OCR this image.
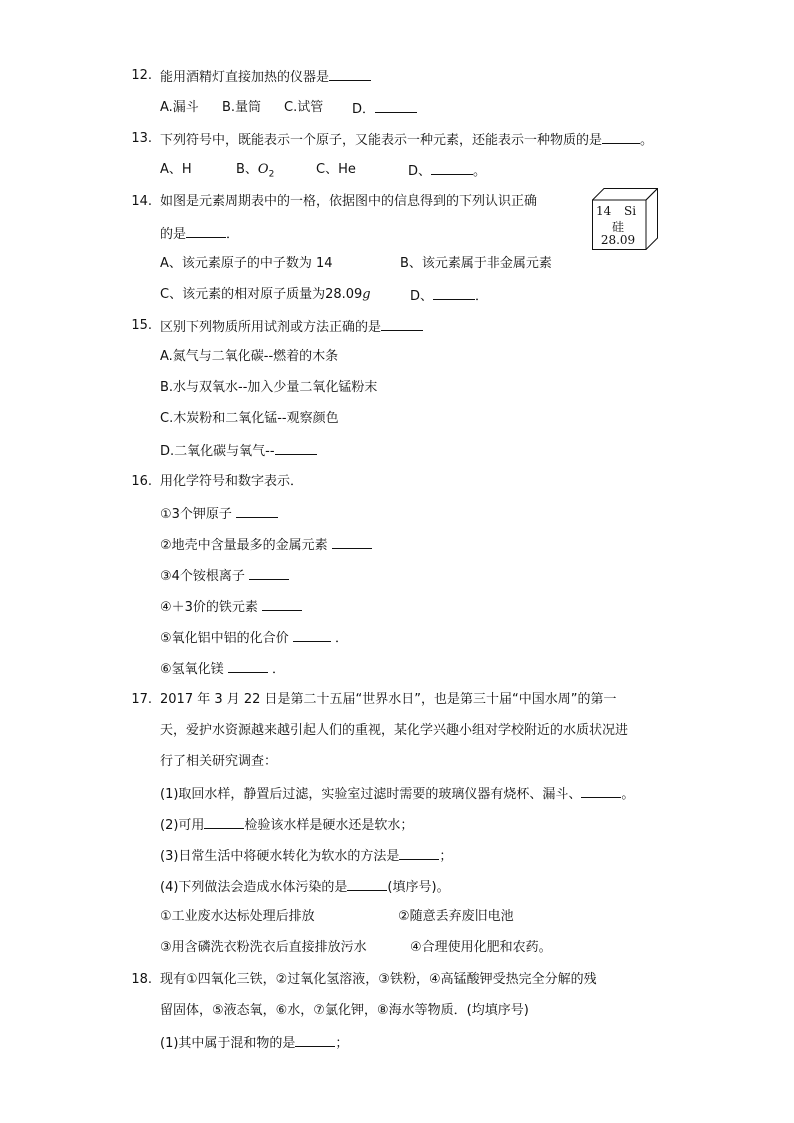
12. 能用酒精灯直接加热的仪器是
A.漏斗 B.量筒 C.试管 D．
13. 下列符号中，既能表示一个原子，又能表示一种元素，还能表示一种物质的是	。
A、H	B、$O_2$	C、He	D、	。
14. 如图是元素周期表中的一格，依据图中的信息得到的下列认识正确
的是	．
14 Si
硅
28.09
A、该元素原子的中子数为 14	B、该元素属于非金属元素
C、该元素的相对原子质量为28.09g	D、	．
15. 区别下列物质所用试剂或方法正确的是
A.氮气与二氧化碳--燃着的木条
B.水与双氧水--加入少量二氧化锰粉末
C.木炭粉和二氧化锰--观察颜色
D.二氧化碳与氧气--
16. 用化学符号和数字表示．
①3个钾原子
②地壳中含量最多的金属元素
③4个铵根离子
④＋3价的铁元素
⑤氧化铝中铝的化合价	．
⑥氢氧化镁	．
17. 2017 年 3 月 22 日是第二十五届“世界水日”，也是第三十届“中国水周”的第一
天，爱护水资源越来越引起人们的重视，某化学兴趣小组对学校附近的水质状况进
行了相关研究调查：
(1)取回水样，静置后过滤，实验室过滤时需要的玻璃仪器有烧杯、漏斗、	。
(2)可用	检验该水样是硬水还是软水；
(3)日常生活中将硬水转化为软水的方法是	；
(4)下列做法会造成水体污染的是	(填序号)。
①工业废水达标处理后排放	②随意丢弃废旧电池
③用含磷洗衣粉洗衣后直接排放污水	④合理使用化肥和农药。
18. 现有①四氧化三铁，②过氧化氢溶液，③铁粉，④高锰酸钾受热完全分解的残
留固体，⑤液态氧，⑥水，⑦氯化钾，⑧海水等物质．(均填序号)
(1)其中属于混和物的是	；
